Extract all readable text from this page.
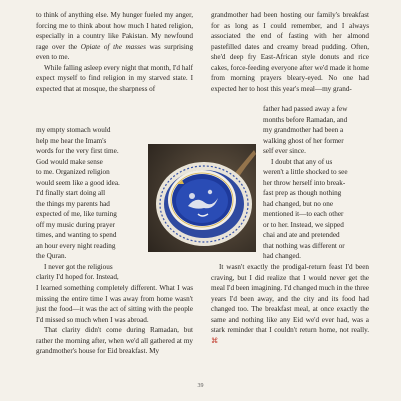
to think of anything else. My hunger fueled my anger, forcing me to think about how much I hated religion, especially in a country like Pakistan. My newfound rage over the Opiate of the masses was surprising even to me.

While falling asleep every night that month, I'd half expect myself to find religion in my starved state. I expected that at mosque, the sharpness of

my empty stomach would
help me hear the Imam's
words for the very first time.
God would make sense
to me. Organized religion
would seem like a good idea.
I'd finally start doing all
the things my parents had
expected of me, like turning
off my music during prayer
times, and wanting to spend
an hour every night reading
the Quran.
I never got the religious
clarity I'd hoped for. Instead,

I learned something completely different. What I was missing the entire time I was away from home wasn't just the food—it was the act of sitting with the people I'd missed so much when I was abroad.

That clarity didn't come during Ramadan, but rather the morning after, when we'd all gathered at my grandmother's house for Eid breakfast. My

grandmother had been hosting our family's breakfast for as long as I could remember, and I always associated the end of fasting with her almond pastefilled dates and creamy bread pudding. Often, she'd deep fry East-African style donuts and rice cakes, force-feeding everyone after we'd made it home from morning prayers bleary-eyed. No one had expected her to host this year's meal—my grand-

father had passed away a few
months before Ramadan, and
my grandmother had been a
walking ghost of her former
self ever since.
I doubt that any of us
weren't a little shocked to see
her throw herself into break-
fast prep as though nothing
had changed, but no one
mentioned it—to each other
or to her. Instead, we sipped
chai and ate and pretended
that nothing was different or
had changed.

It wasn't exactly the prodigal-return feast I'd been craving, but I did realize that I would never get the meal I'd been imagining. I'd changed much in the three years I'd been away, and the city and its food had changed too. The breakfast meal, at once exactly the same and nothing like any Eid we'd ever had, was a stark reminder that I couldn't return home, not really. ⌘

39
